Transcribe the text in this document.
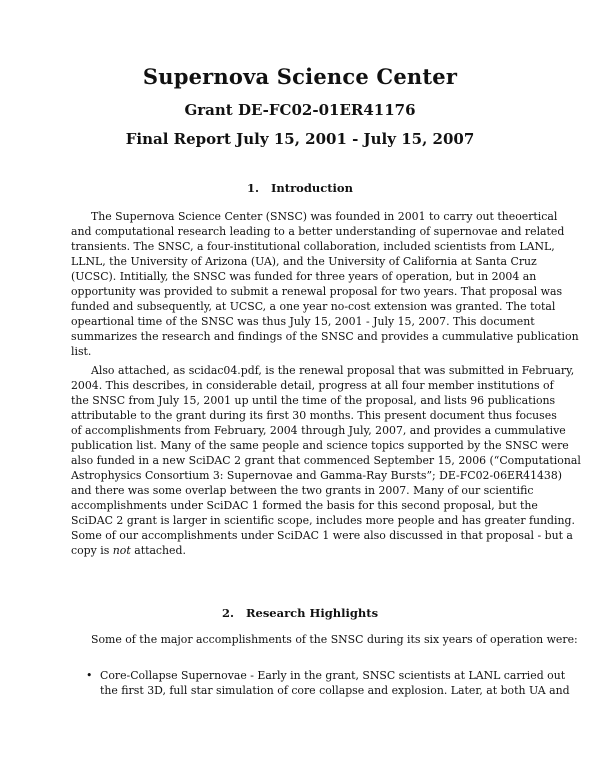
Supernova Science Center
Grant DE-FC02-01ER41176
Final Report July 15, 2001 - July 15, 2007
1. Introduction

The Supernova Science Center (SNSC) was founded in 2001 to carry out theoertical
and computational research leading to a better understanding of supernovae and related
transients. The SNSC, a four-institutional collaboration, included scientists from LANL,
LLNL, the University of Arizona (UA), and the University of California at Santa Cruz
(UCSC). Intitially, the SNSC was funded for three years of operation, but in 2004 an
opportunity was provided to submit a renewal proposal for two years. That proposal was
funded and subsequently, at UCSC, a one year no-cost extension was granted. The total
opeartional time of the SNSC was thus July 15, 2001 - July 15, 2007. This document
summarizes the research and findings of the SNSC and provides a cummulative publication
list.

Also attached, as scidac04.pdf, is the renewal proposal that was submitted in February,
2004. This describes, in considerable detail, progress at all four member institutions of
the SNSC from July 15, 2001 up until the time of the proposal, and lists 96 publications
attributable to the grant during its first 30 months. This present document thus focuses
of accomplishments from February, 2004 through July, 2007, and provides a cummulative
publication list. Many of the same people and science topics supported by the SNSC were
also funded in a new SciDAC 2 grant that commenced September 15, 2006 (“Computational
Astrophysics Consortium 3: Supernovae and Gamma-Ray Bursts”; DE-FC02-06ER41438)
and there was some overlap between the two grants in 2007. Many of our scientific
accomplishments under SciDAC 1 formed the basis for this second proposal, but the
SciDAC 2 grant is larger in scientific scope, includes more people and has greater funding.
Some of our accomplishments under SciDAC 1 were also discussed in that proposal - but a
copy is not attached.

2. Research Highlights

Some of the major accomplishments of the SNSC during its six years of operation were:

• Core-Collapse Supernovae - Early in the grant, SNSC scientists at LANL carried out
the first 3D, full star simulation of core collapse and explosion. Later, at both UA and
